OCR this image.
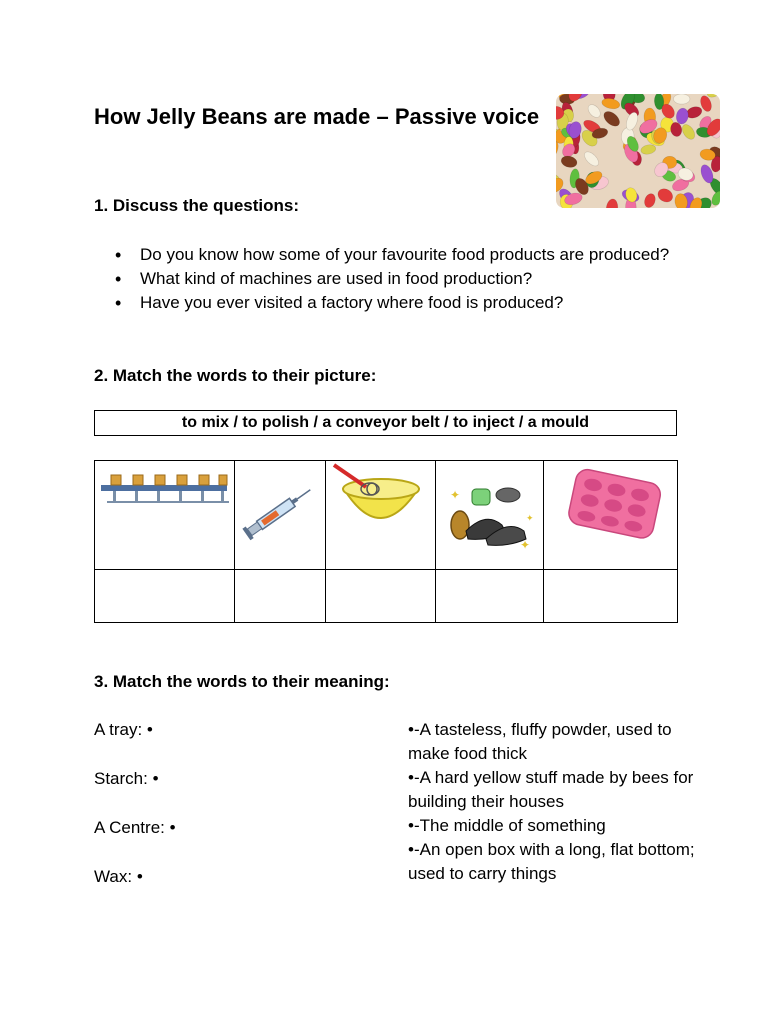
How Jelly Beans are made – Passive voice
1. Discuss the questions:
• Do you know how some of your favourite food products are produced?
• What kind of machines are used in food production?
• Have you ever visited a factory where food is produced?
2. Match the words to their picture:
to mix / to polish / a conveyor belt / to inject / a mould

✦
✦
✦

3. Match the words to their meaning:
A tray: •
Starch: •
A Centre: •
Wax: •
•-A tasteless, fluffy powder, used to make food thick
•-A hard yellow stuff made by bees for building their houses
•-The middle of something
•-An open box with a long, flat bottom; used to carry things
